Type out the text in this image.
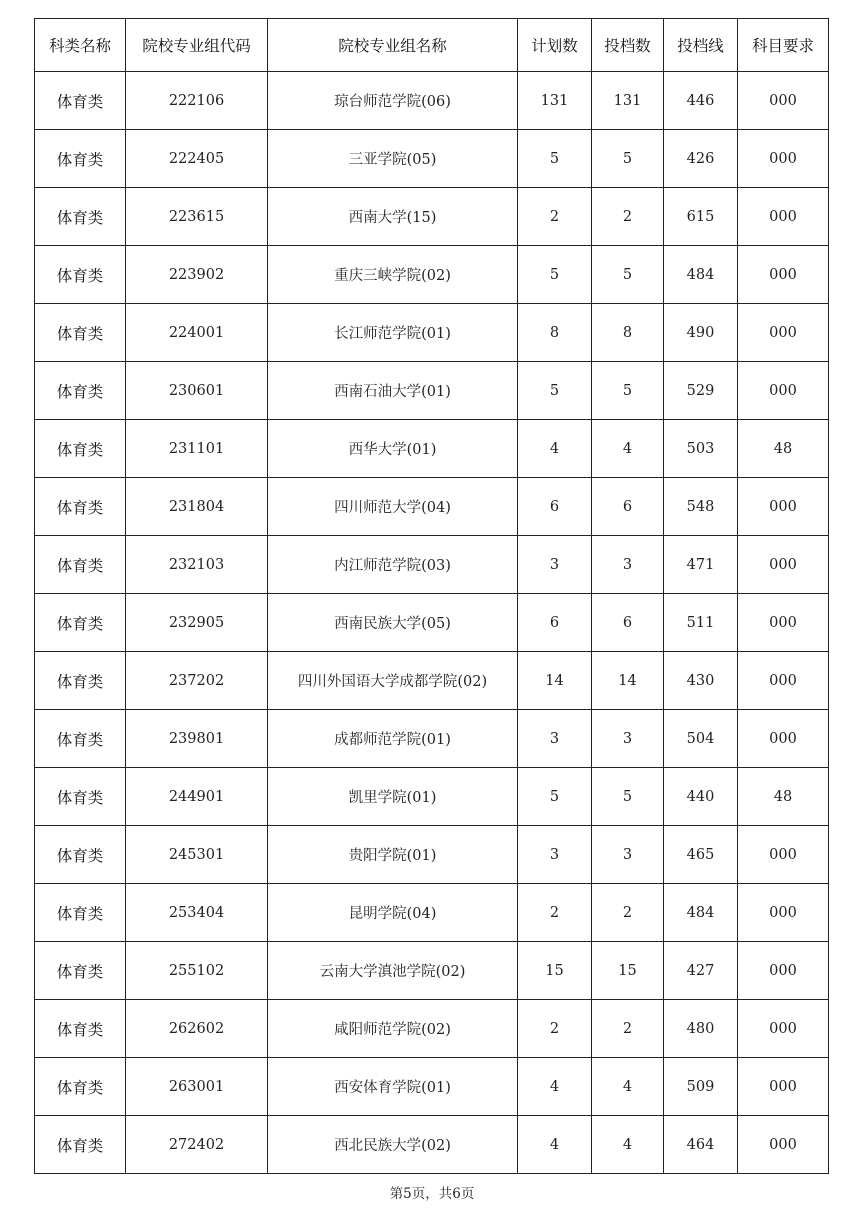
科类名称	院校专业组代码	院校专业组名称	计划数	投档数	投档线	科目要求
体育类	222106	琼台师范学院(06)	131	131	446	000
体育类	222405	三亚学院(05)	5	5	426	000
体育类	223615	西南大学(15)	2	2	615	000
体育类	223902	重庆三峡学院(02)	5	5	484	000
体育类	224001	长江师范学院(01)	8	8	490	000
体育类	230601	西南石油大学(01)	5	5	529	000
体育类	231101	西华大学(01)	4	4	503	48
体育类	231804	四川师范大学(04)	6	6	548	000
体育类	232103	内江师范学院(03)	3	3	471	000
体育类	232905	西南民族大学(05)	6	6	511	000
体育类	237202	四川外国语大学成都学院(02)	14	14	430	000
体育类	239801	成都师范学院(01)	3	3	504	000
体育类	244901	凯里学院(01)	5	5	440	48
体育类	245301	贵阳学院(01)	3	3	465	000
体育类	253404	昆明学院(04)	2	2	484	000
体育类	255102	云南大学滇池学院(02)	15	15	427	000
体育类	262602	咸阳师范学院(02)	2	2	480	000
体育类	263001	西安体育学院(01)	4	4	509	000
体育类	272402	西北民族大学(02)	4	4	464	000
第5页，共6页
